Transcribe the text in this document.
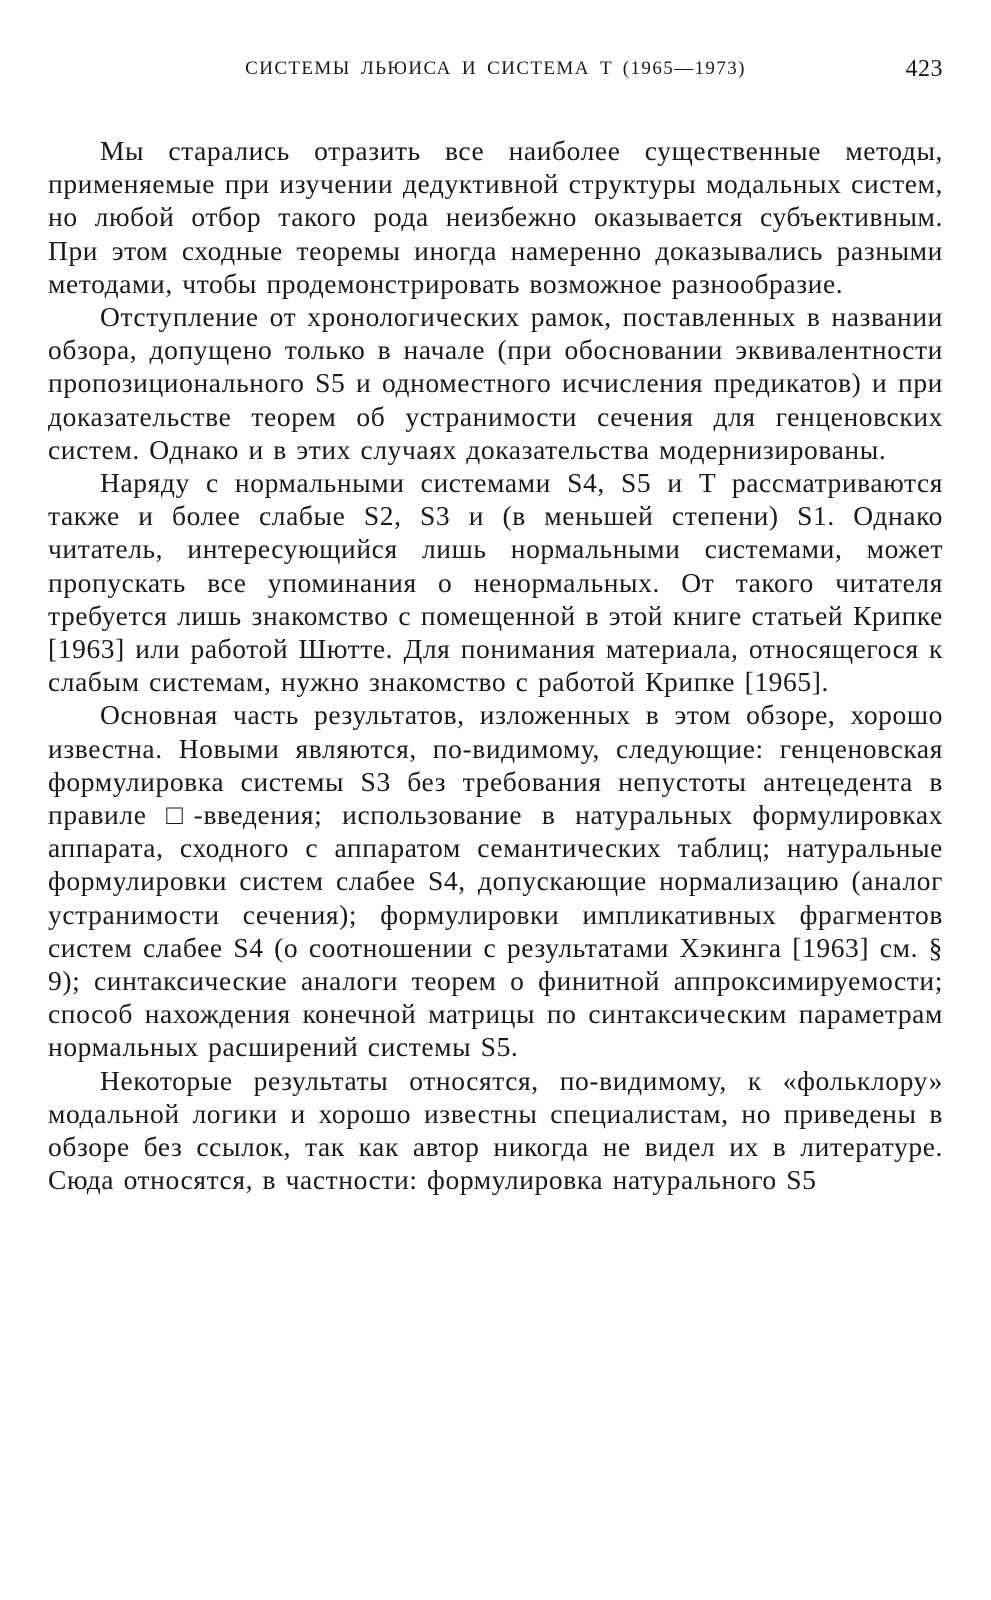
СИСТЕМЫ ЛЬЮИСА И СИСТЕМА T (1965—1973)	423

Мы старались отразить все наиболее существенные методы, применяемые при изучении дедуктивной структуры модальных систем, но любой отбор такого рода неизбежно оказывается субъективным. При этом сходные теоремы иногда намеренно доказывались разными методами, чтобы продемонстрировать возможное разнообразие.

Отступление от хронологических рамок, поставленных в названии обзора, допущено только в начале (при обосновании эквивалентности пропозиционального S5 и одноместного исчисления предикатов) и при доказательстве теорем об устранимости сечения для генценовских систем. Однако и в этих случаях доказательства модернизированы.

Наряду с нормальными системами S4, S5 и T рассматриваются также и более слабые S2, S3 и (в меньшей степени) S1. Однако читатель, интересующийся лишь нормальными системами, может пропускать все упоминания о ненормальных. От такого читателя требуется лишь знакомство с помещенной в этой книге статьей Крипке [1963] или работой Шютте. Для понимания материала, относящегося к слабым системам, нужно знакомство с работой Крипке [1965].

Основная часть результатов, изложенных в этом обзоре, хорошо известна. Новыми являются, по-видимому, следующие: генценовская формулировка системы S3 без требования непустоты антецедента в правиле □-введения; использование в натуральных формулировках аппарата, сходного с аппаратом семантических таблиц; натуральные формулировки систем слабее S4, допускающие нормализацию (аналог устранимости сечения); формулировки импликативных фрагментов систем слабее S4 (о соотношении с результатами Хэкинга [1963] см. § 9); синтаксические аналоги теорем о финитной аппроксимируемости; способ нахождения конечной матрицы по синтаксическим параметрам нормальных расширений системы S5.

Некоторые результаты относятся, по-видимому, к «фольклору» модальной логики и хорошо известны специалистам, но приведены в обзоре без ссылок, так как автор никогда не видел их в литературе. Сюда относятся, в частности: формулировка натурального S5
